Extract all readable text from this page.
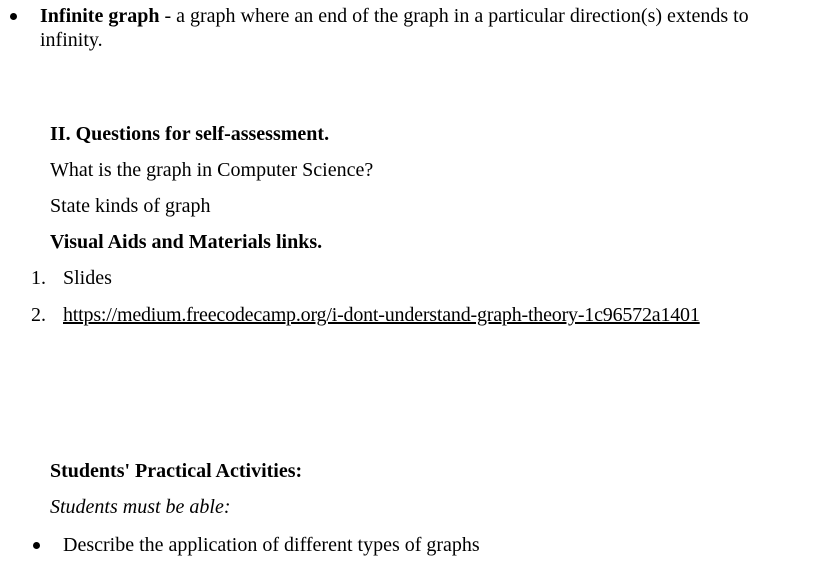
Infinite graph - a graph where an end of the graph in a particular direction(s) extends to
infinity.
II. Questions for self-assessment.
What is the graph in Computer Science?
State kinds of graph
Visual Aids and Materials links.
1. Slides
2. https://medium.freecodecamp.org/i-dont-understand-graph-theory-1c96572a1401
Students' Practical Activities:
Students must be able:
Describe the application of different types of graphs
